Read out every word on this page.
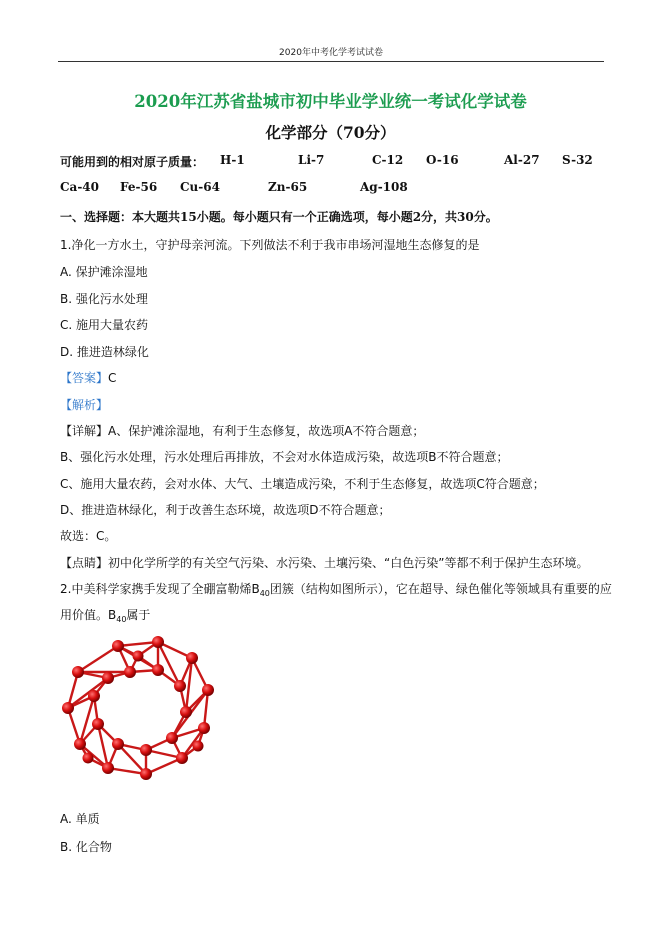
2020年中考化学考试试卷
2020年江苏省盐城市初中毕业学业统一考试化学试卷
化学部分（70分）
可能用到的相对原子质量： H-1	Li-7	C-12 O-16	Al-27 S-32
Ca-40 Fe-56 Cu-64	Zn-65	Ag-108
一、选择题：本大题共15小题。每小题只有一个正确选项，每小题2分，共30分。
1.净化一方水土，守护母亲河流。下列做法不利于我市串场河湿地生态修复的是
A. 保护滩涂湿地
B. 强化污水处理
C. 施用大量农药
D. 推进造林绿化
【答案】C
【解析】
【详解】A、保护滩涂湿地，有利于生态修复，故选项A不符合题意；
B、强化污水处理，污水处理后再排放，不会对水体造成污染，故选项B不符合题意；
C、施用大量农药，会对水体、大气、土壤造成污染，不利于生态修复，故选项C符合题意；
D、推进造林绿化，利于改善生态环境，故选项D不符合题意；
故选：C。
【点睛】初中化学所学的有关空气污染、水污染、土壤污染、“白色污染”等都不利于保护生态环境。
2.中美科学家携手发现了全硼富勒烯$B_{40}$团簇（结构如图所示），它在超导、绿色催化等领域具有重要的应
用价值。$B_{40}$属于
A. 单质
B. 化合物
